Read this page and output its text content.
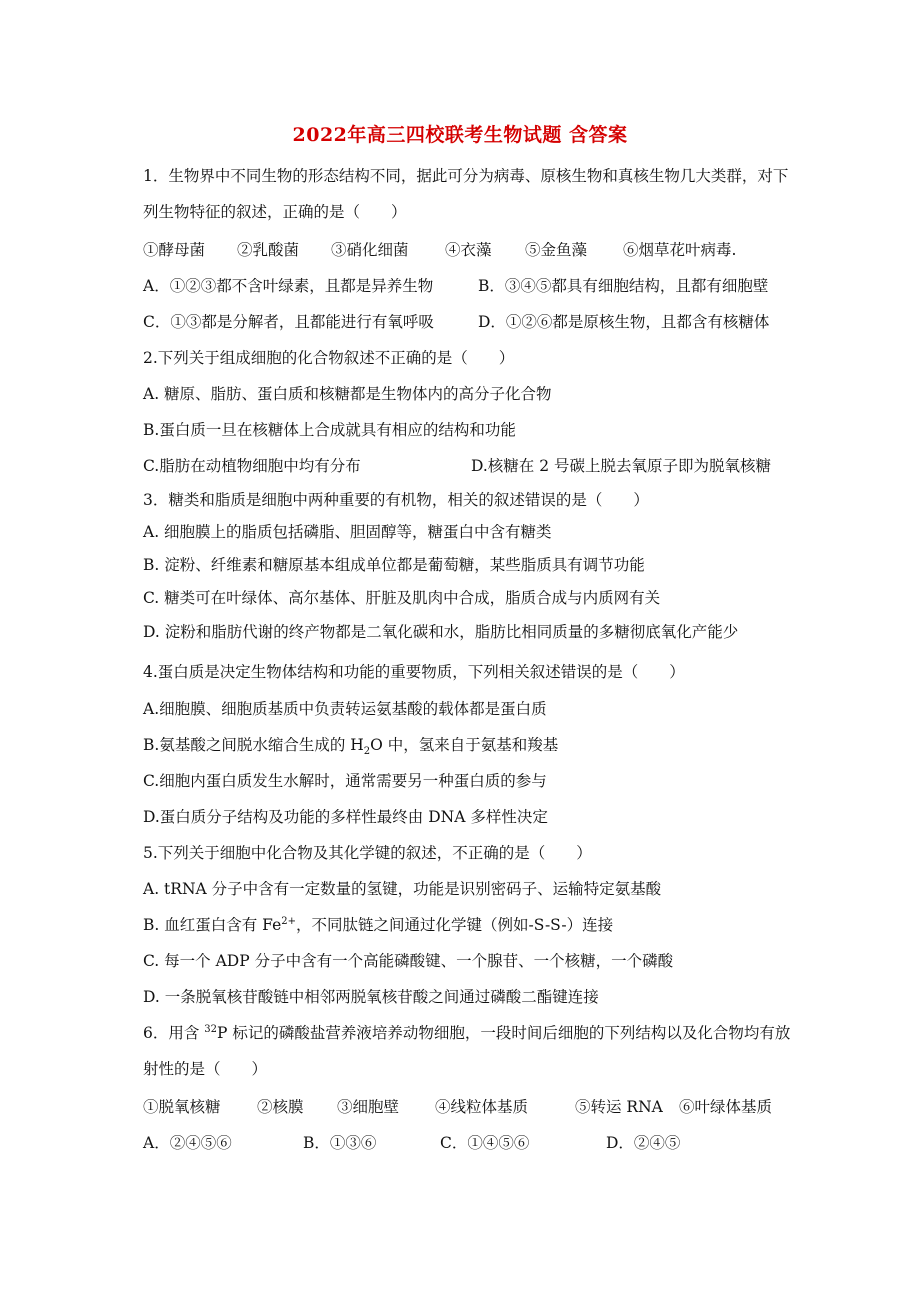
2022年高三四校联考生物试题 含答案
1．生物界中不同生物的形态结构不同，据此可分为病毒、原核生物和真核生物几大类群，对下
列生物特征的叙述，正确的是（　　）
①酵母菌 ②乳酸菌 ③硝化细菌 ④衣藻 ⑤金鱼藻 ⑥烟草花叶病毒.
A．①②③都不含叶绿素，且都是异养生物	B．③④⑤都具有细胞结构，且都有细胞壁
C．①③都是分解者，且都能进行有氧呼吸	D．①②⑥都是原核生物，且都含有核糖体
2.下列关于组成细胞的化合物叙述不正确的是（　　）
A. 糖原、脂肪、蛋白质和核糖都是生物体内的高分子化合物
B.蛋白质一旦在核糖体上合成就具有相应的结构和功能
C.脂肪在动植物细胞中均有分布	D.核糖在 2 号碳上脱去氧原子即为脱氧核糖
3．糖类和脂质是细胞中两种重要的有机物，相关的叙述错误的是（　　）
A. 细胞膜上的脂质包括磷脂、胆固醇等，糖蛋白中含有糖类
B. 淀粉、纤维素和糖原基本组成单位都是葡萄糖，某些脂质具有调节功能
C. 糖类可在叶绿体、高尔基体、肝脏及肌肉中合成，脂质合成与内质网有关
D. 淀粉和脂肪代谢的终产物都是二氧化碳和水，脂肪比相同质量的多糖彻底氧化产能少
4.蛋白质是决定生物体结构和功能的重要物质，下列相关叙述错误的是（　　）
A.细胞膜、细胞质基质中负责转运氨基酸的载体都是蛋白质
B.氨基酸之间脱水缩合生成的 $H_2O$ 中，氢来自于氨基和羧基
C.细胞内蛋白质发生水解时，通常需要另一种蛋白质的参与
D.蛋白质分子结构及功能的多样性最终由 DNA 多样性决定
5.下列关于细胞中化合物及其化学键的叙述，不正确的是（　　）
A. tRNA 分子中含有一定数量的氢键，功能是识别密码子、运输特定氨基酸
B. 血红蛋白含有 $Fe^{2+}$，不同肽链之间通过化学键（例如-S-S-）连接
C. 每一个 ADP 分子中含有一个高能磷酸键、一个腺苷、一个核糖，一个磷酸
D. 一条脱氧核苷酸链中相邻两脱氧核苷酸之间通过磷酸二酯键连接
6．用含 $^{32}$P 标记的磷酸盐营养液培养动物细胞，一段时间后细胞的下列结构以及化合物均有放
射性的是（　　）
①脱氧核糖 ②核膜 ③细胞壁 ④线粒体基质	⑤转运 RNA ⑥叶绿体基质
A．②④⑤⑥	B．①③⑥	C．①④⑤⑥	D．②④⑤
